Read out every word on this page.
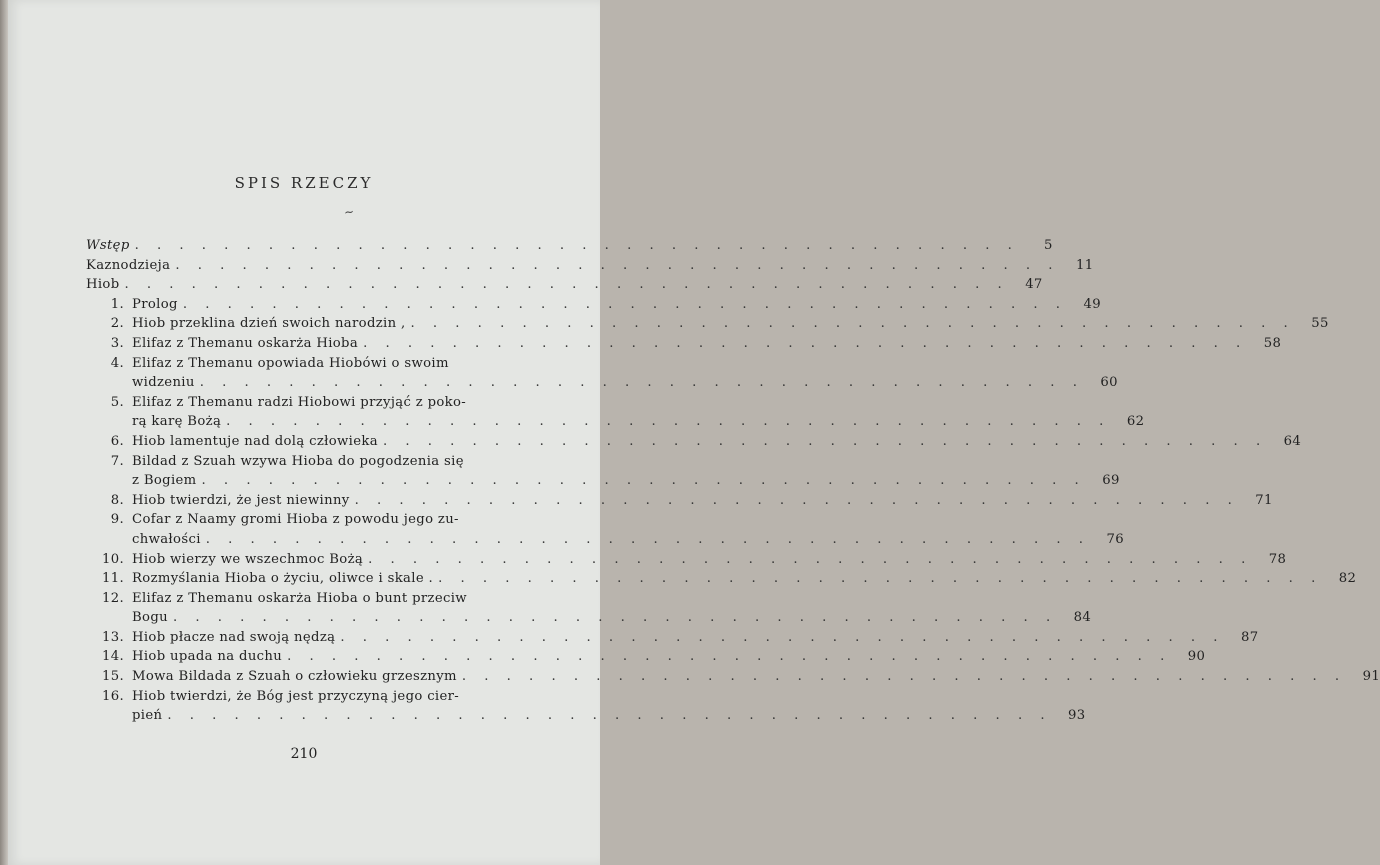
SPIS RZECZY
~
Wstęp . . . . . . . . . . . . . . . . . . . . . . . . . . . . . . . . . . . . . . . .	5
Kaznodzieja . . . . . . . . . . . . . . . . . . . . . . . . . . . . . . . . . . . . . . . .	11
Hiob . . . . . . . . . . . . . . . . . . . . . . . . . . . . . . . . . . . . . . . .	47
1. Prolog . . . . . . . . . . . . . . . . . . . . . . . . . . . . . . . . . . . . . . . .	49
2. Hiob przeklina dzień swoich narodzin , . . . . . . . . . . . . . . . . . . . . . . . . . . . . . . . . . . . . . . . .	55
3. Elifaz z Themanu oskarża Hioba . . . . . . . . . . . . . . . . . . . . . . . . . . . . . . . . . . . . . . . .	58
4. Elifaz z Themanu opowiada Hiobówi o swoim
widzeniu . . . . . . . . . . . . . . . . . . . . . . . . . . . . . . . . . . . . . . . .	60
5. Elifaz z Themanu radzi Hiobowi przyjąć z poko-
rą karę Bożą . . . . . . . . . . . . . . . . . . . . . . . . . . . . . . . . . . . . . . . .	62
6. Hiob lamentuje nad dolą człowieka . . . . . . . . . . . . . . . . . . . . . . . . . . . . . . . . . . . . . . . .	64
7. Bildad z Szuah wzywa Hioba do pogodzenia się
z Bogiem . . . . . . . . . . . . . . . . . . . . . . . . . . . . . . . . . . . . . . . .	69
8. Hiob twierdzi, że jest niewinny . . . . . . . . . . . . . . . . . . . . . . . . . . . . . . . . . . . . . . . .	71
9. Cofar z Naamy gromi Hioba z powodu jego zu-
chwałości . . . . . . . . . . . . . . . . . . . . . . . . . . . . . . . . . . . . . . . .	76
10. Hiob wierzy we wszechmoc Bożą . . . . . . . . . . . . . . . . . . . . . . . . . . . . . . . . . . . . . . . .	78
11. Rozmyślania Hioba o życiu, oliwce i skale . . . . . . . . . . . . . . . . . . . . . . . . . . . . . . . . . . . . . . . . .	82
12. Elifaz z Themanu oskarża Hioba o bunt przeciw
Bogu . . . . . . . . . . . . . . . . . . . . . . . . . . . . . . . . . . . . . . . .	84
13. Hiob płacze nad swoją nędzą . . . . . . . . . . . . . . . . . . . . . . . . . . . . . . . . . . . . . . . .	87
14. Hiob upada na duchu . . . . . . . . . . . . . . . . . . . . . . . . . . . . . . . . . . . . . . . .	90
15. Mowa Bildada z Szuah o człowieku grzesznym . . . . . . . . . . . . . . . . . . . . . . . . . . . . . . . . . . . . . . . .	91
16. Hiob twierdzi, że Bóg jest przyczyną jego cier-
pień . . . . . . . . . . . . . . . . . . . . . . . . . . . . . . . . . . . . . . . .	93
210
